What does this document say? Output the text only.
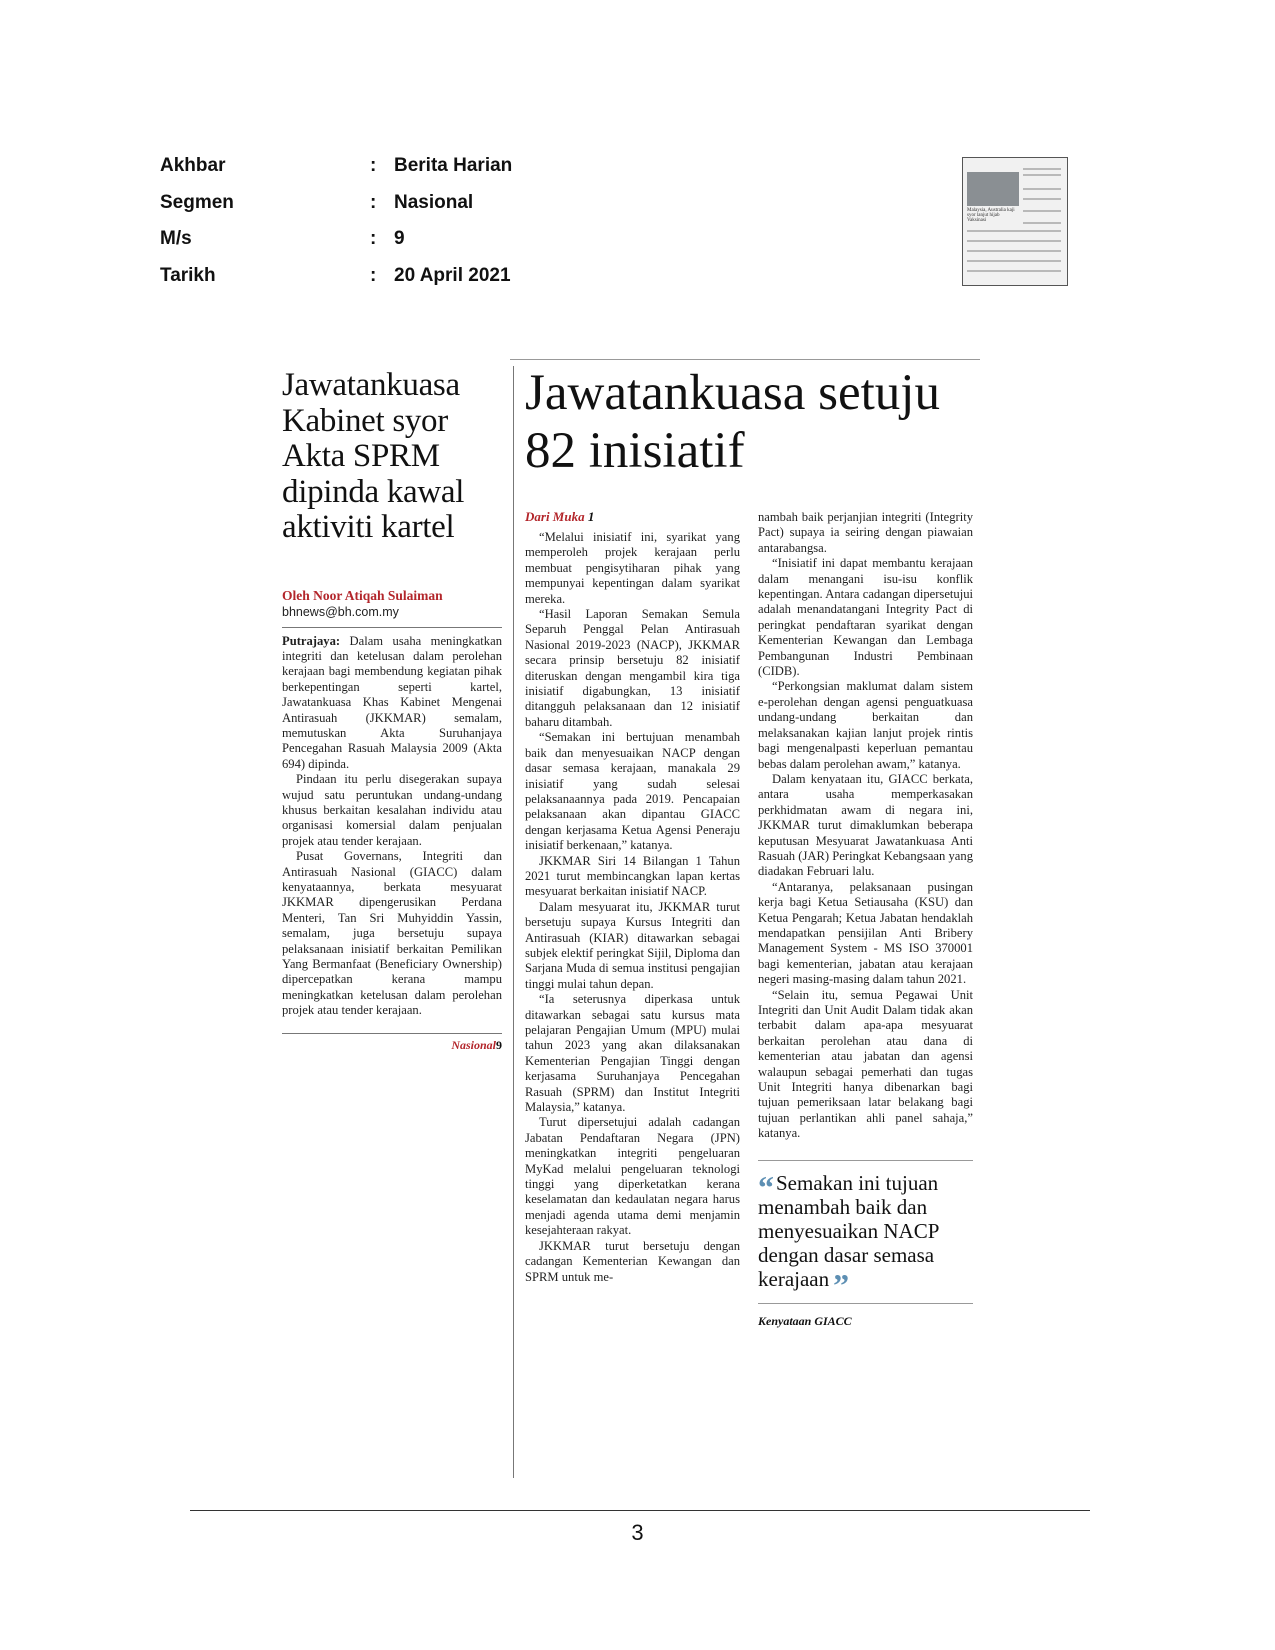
Akhbar	: Berita Harian
Segmen	: Nasional
M/s	: 9
Tarikh	: 20 April 2021
Malaysia, Australia kaji syor lanjut hijab Vaksinasi
Jawatankuasa Kabinet syor Akta SPRM dipinda kawal aktiviti kartel
Oleh Noor Atiqah Sulaiman
bhnews@bh.com.my

Putrajaya: Dalam usaha meningkatkan integriti dan ketelusan dalam perolehan kerajaan bagi membendung kegiatan pihak berkepentingan seperti kartel, Jawatankuasa Khas Kabinet Mengenai Antirasuah (JKKMAR) semalam, memutuskan Akta Suruhanjaya Pencegahan Rasuah Malaysia 2009 (Akta 694) dipinda.

Pindaan itu perlu disegerakan supaya wujud satu peruntukan undang-undang khusus berkaitan kesalahan individu atau organisasi komersial dalam penjualan projek atau tender kerajaan.

Pusat Governans, Integriti dan Antirasuah Nasional (GIACC) dalam kenyataannya, berkata mesyuarat JKKMAR dipengerusikan Perdana Menteri, Tan Sri Muhyiddin Yassin, semalam, juga bersetuju supaya pelaksanaan inisiatif berkaitan Pemilikan Yang Bermanfaat (Beneficiary Ownership) dipercepatkan kerana mampu meningkatkan ketelusan dalam perolehan projek atau tender kerajaan.

Nasional9
Jawatankuasa setuju 82 inisiatif
Dari Muka 1

“Melalui inisiatif ini, syarikat yang memperoleh projek kerajaan perlu membuat pengisytiharan pihak yang mempunyai kepentingan dalam syarikat mereka.

“Hasil Laporan Semakan Semula Separuh Penggal Pelan Antirasuah Nasional 2019-2023 (NACP), JKKMAR secara prinsip bersetuju 82 inisiatif diteruskan dengan mengambil kira tiga inisiatif digabungkan, 13 inisiatif ditangguh pelaksanaan dan 12 inisiatif baharu ditambah.

“Semakan ini bertujuan menambah baik dan menyesuaikan NACP dengan dasar semasa kerajaan, manakala 29 inisiatif yang sudah selesai pelaksanaannya pada 2019. Pencapaian pelaksanaan akan dipantau GIACC dengan kerjasama Ketua Agensi Peneraju inisiatif berkenaan,” katanya.

JKKMAR Siri 14 Bilangan 1 Tahun 2021 turut membincangkan lapan kertas mesyuarat berkaitan inisiatif NACP.

Dalam mesyuarat itu, JKKMAR turut bersetuju supaya Kursus Integriti dan Antirasuah (KIAR) ditawarkan sebagai subjek elektif peringkat Sijil, Diploma dan Sarjana Muda di semua institusi pengajian tinggi mulai tahun depan.

“Ia seterusnya diperkasa untuk ditawarkan sebagai satu kursus mata pelajaran Pengajian Umum (MPU) mulai tahun 2023 yang akan dilaksanakan Kementerian Pengajian Tinggi dengan kerjasama Suruhanjaya Pencegahan Rasuah (SPRM) dan Institut Integriti Malaysia,” katanya.

Turut dipersetujui adalah cadangan Jabatan Pendaftaran Negara (JPN) meningkatkan integriti pengeluaran MyKad melalui pengeluaran teknologi tinggi yang diperketatkan kerana keselamatan dan kedaulatan negara harus menjadi agenda utama demi menjamin kesejahteraan rakyat.

JKKMAR turut bersetuju dengan cadangan Kementerian Kewangan dan SPRM untuk me-

nambah baik perjanjian integriti (Integrity Pact) supaya ia seiring dengan piawaian antarabangsa.

“Inisiatif ini dapat membantu kerajaan dalam menangani isu-isu konflik kepentingan. Antara cadangan dipersetujui adalah menandatangani Integrity Pact di peringkat pendaftaran syarikat dengan Kementerian Kewangan dan Lembaga Pembangunan Industri Pembinaan (CIDB).

“Perkongsian maklumat dalam sistem e-perolehan dengan agensi penguatkuasa undang-undang berkaitan dan melaksanakan kajian lanjut projek rintis bagi mengenalpasti keperluan pemantau bebas dalam perolehan awam,” katanya.

Dalam kenyataan itu, GIACC berkata, antara usaha memperkasakan perkhidmatan awam di negara ini, JKKMAR turut dimaklumkan beberapa keputusan Mesyuarat Jawatankuasa Anti Rasuah (JAR) Peringkat Kebangsaan yang diadakan Februari lalu.

“Antaranya, pelaksanaan pusingan kerja bagi Ketua Setiausaha (KSU) dan Ketua Pengarah; Ketua Jabatan hendaklah mendapatkan pensijilan Anti Bribery Management System - MS ISO 370001 bagi kementerian, jabatan atau kerajaan negeri masing-masing dalam tahun 2021.

“Selain itu, semua Pegawai Unit Integriti dan Unit Audit Dalam tidak akan terbabit dalam apa-apa mesyuarat berkaitan perolehan atau dana di kementerian atau jabatan dan agensi walaupun sebagai pemerhati dan tugas Unit Integriti hanya dibenarkan bagi tujuan pemeriksaan latar belakang bagi tujuan perlantikan ahli panel sahaja,” katanya.

“Semakan ini tujuan menambah baik dan menyesuaikan NACP dengan dasar semasa kerajaan ”
Kenyataan GIACC
3
